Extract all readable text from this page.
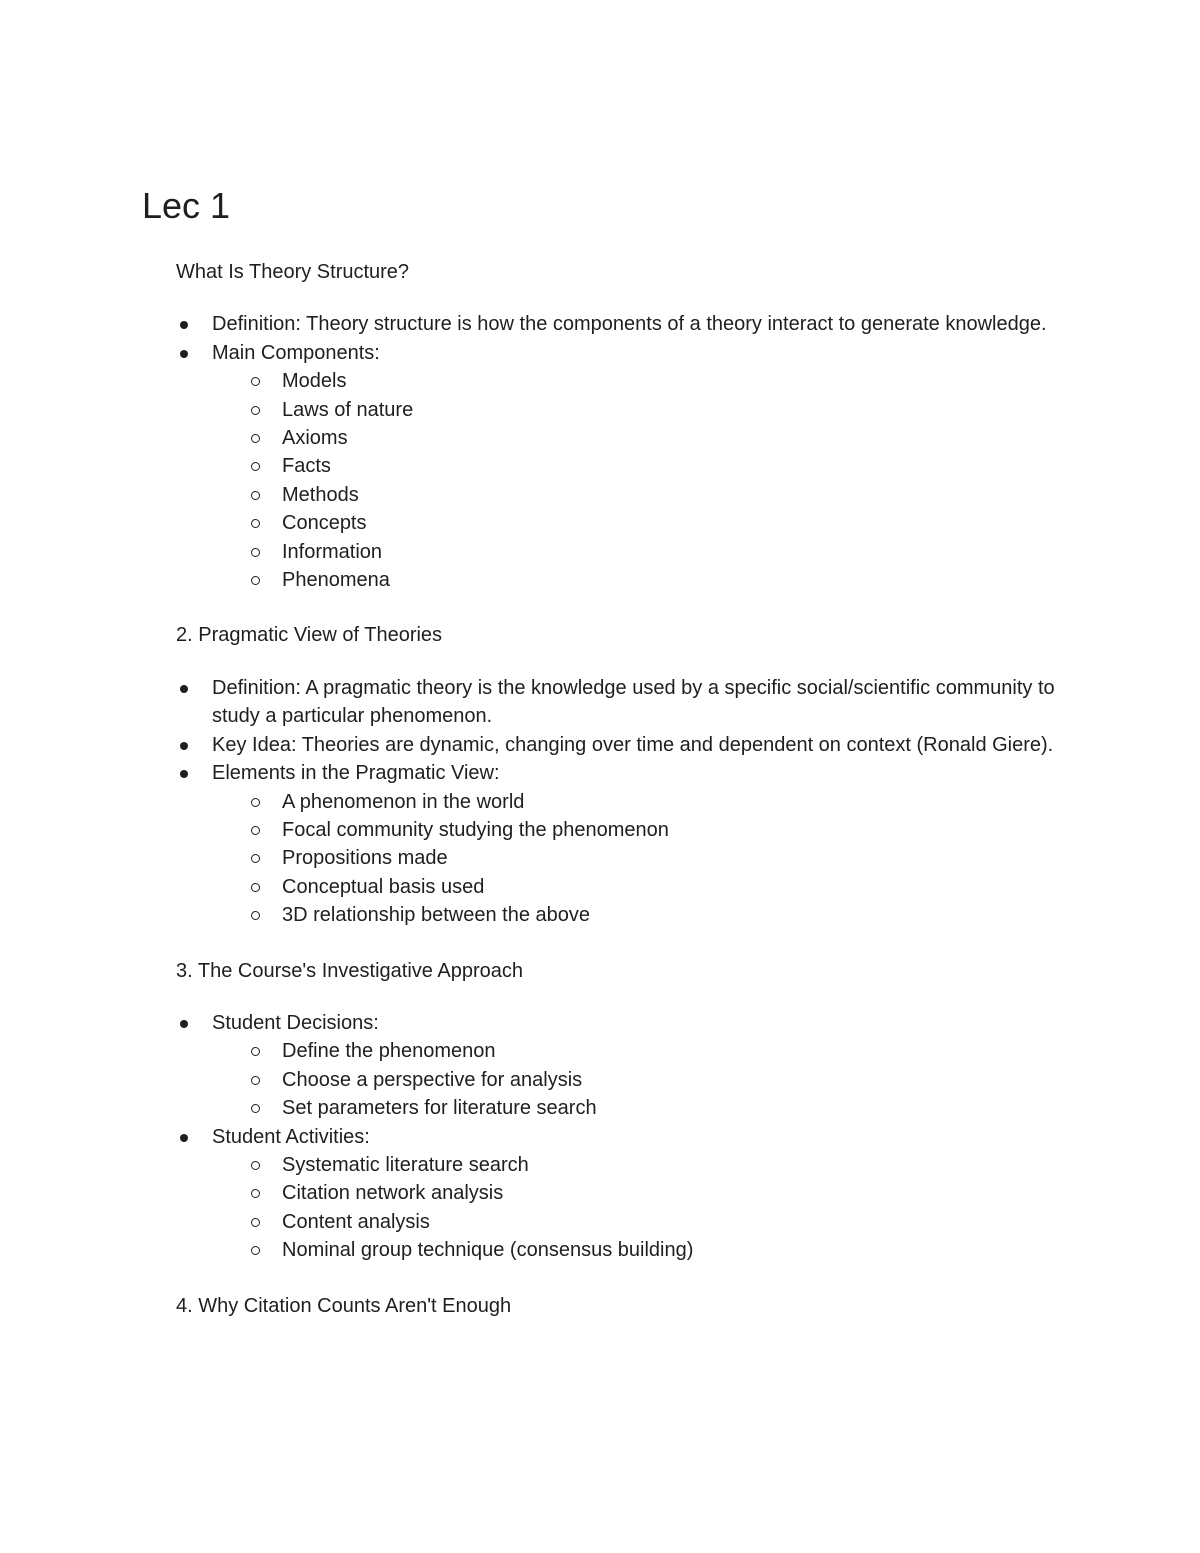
Lec 1

What Is Theory Structure?

Definition: Theory structure is how the components of a theory interact to generate knowledge.
Main Components:
Models
Laws of nature
Axioms
Facts
Methods
Concepts
Information
Phenomena

2. Pragmatic View of Theories

Definition: A pragmatic theory is the knowledge used by a specific social/scientific community to study a particular phenomenon.
Key Idea: Theories are dynamic, changing over time and dependent on context (Ronald Giere).
Elements in the Pragmatic View:
A phenomenon in the world
Focal community studying the phenomenon
Propositions made
Conceptual basis used
3D relationship between the above

3. The Course's Investigative Approach

Student Decisions:
Define the phenomenon
Choose a perspective for analysis
Set parameters for literature search
Student Activities:
Systematic literature search
Citation network analysis
Content analysis
Nominal group technique (consensus building)

4. Why Citation Counts Aren't Enough
